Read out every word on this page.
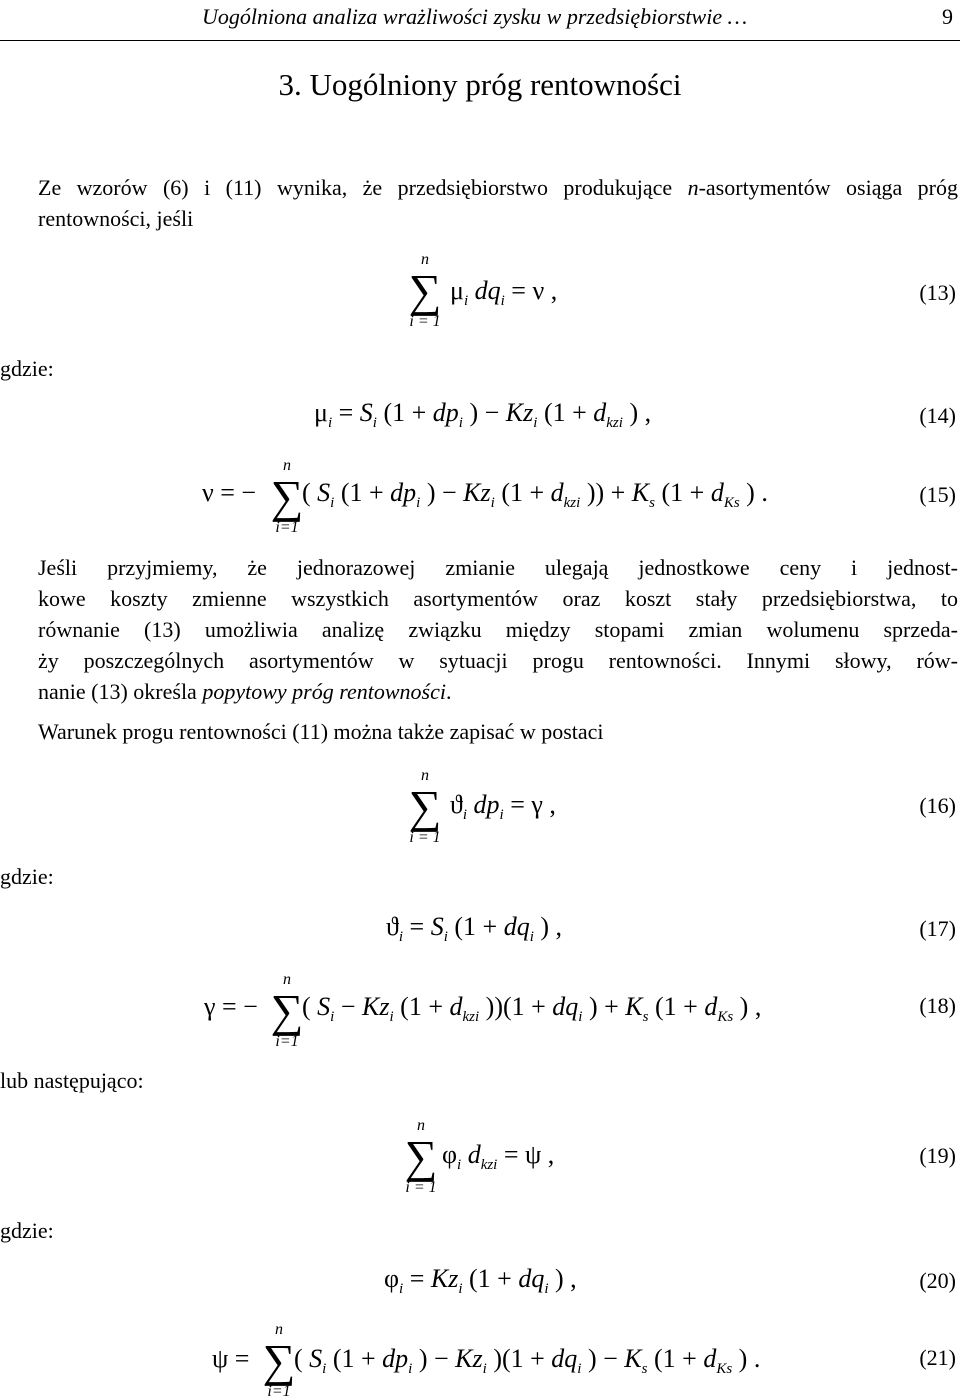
Uogólniona analiza wrażliwości zysku w przedsiębiorstwie …	9
3. Uogólniony próg rentowności
Ze wzorów (6) i (11) wynika, że przedsiębiorstwo produkujące n-asortymentów osiąga próg rentowności, jeśli
n
∑
i = 1
$\mu_i$ $dq_i = \nu$ ,	(13)
gdzie:
$\mu_i = S_i$ ($1 + dp_i$ ) − $Kz_i$ ($1 + d_{kzi}$ ) ,	(14)
ν = −
n
∑
i=1
( $S_i$ ($1 + dp_i$ ) − $Kz_i$ ($1 + d_{kzi}$ )) + $K_s$ ($1 + d_{Ks}$ ) .	(15)
Jeśli przyjmiemy, że jednorazowej zmianie ulegają jednostkowe ceny i jednost-
kowe koszty zmienne wszystkich asortymentów oraz koszt stały przedsiębiorstwa, to
równanie (13) umożliwia analizę związku między stopami zmian wolumenu sprzeda-
ży poszczególnych asortymentów w sytuacji progu rentowności. Innymi słowy, rów-
nanie (13) określa popytowy próg rentowności.
Warunek progu rentowności (11) można także zapisać w postaci
n
∑
i = 1
$ϑ_i$ $dp_i = \gamma$ ,	(16)
gdzie:
$ϑ_i = S_i$ ($1 + dq_i$ ) ,	(17)
γ = −
n
∑
i=1
( $S_i - Kz_i$ ($1 + d_{kzi}$ ))($1 + dq_i$ ) + $K_s$ ($1 + d_{Ks}$ ) ,	(18)
lub następująco:
n
∑
i = 1
$\varphi_i$ $d_{kzi} = \psi$ ,	(19)
gdzie:
$\varphi_i = Kz_i$ ($1 + dq_i$ ) ,	(20)
ψ =
n
∑
i=1
( $S_i$ ($1 + dp_i$ ) − $Kz_i$ )($1 + dq_i$ ) − $K_s$ ($1 + d_{Ks}$ ) .	(21)
